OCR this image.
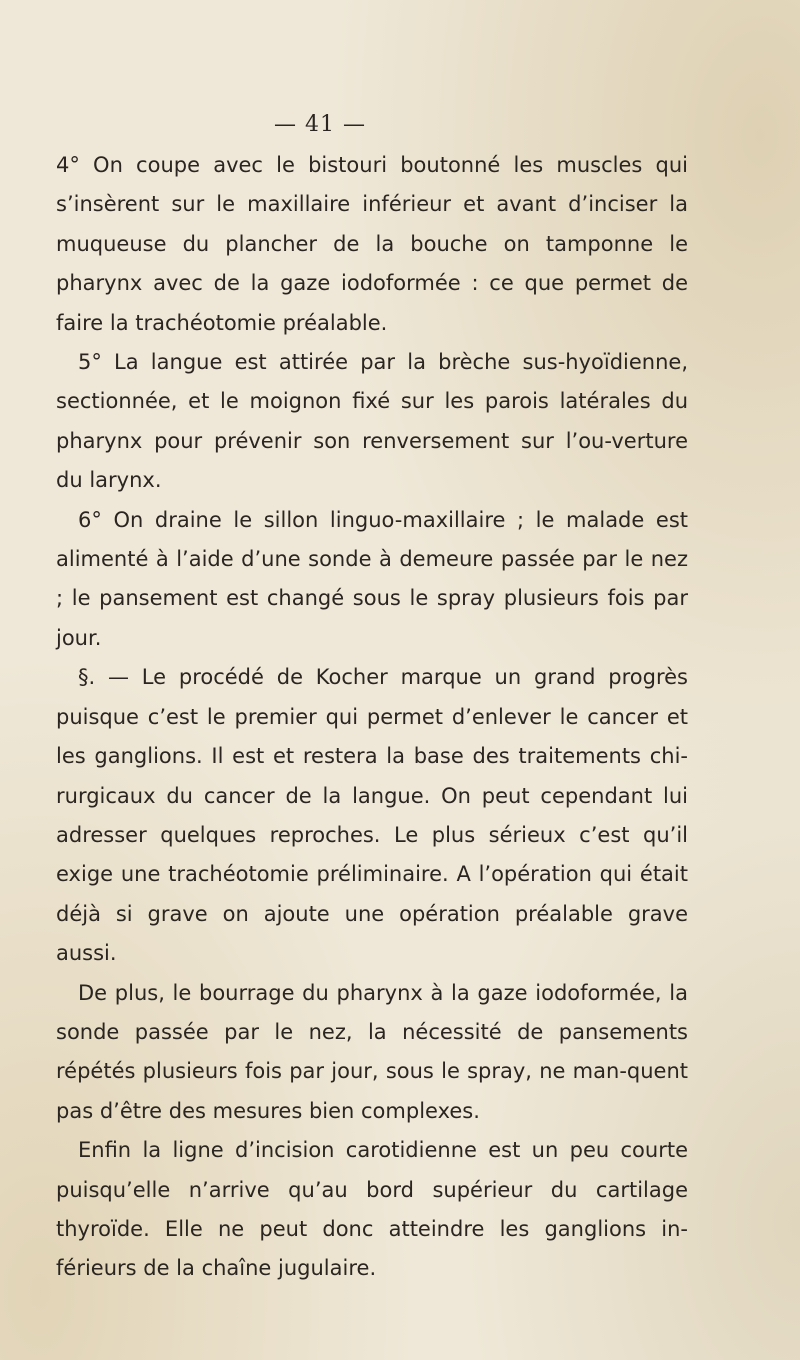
— 41 —

4° On coupe avec le bistouri boutonné les muscles qui s’insèrent sur le maxillaire inférieur et avant d’inciser la muqueuse du plancher de la bouche on tamponne le pharynx avec de la gaze iodoformée : ce que permet de faire la trachéotomie préalable.

5° La langue est attirée par la brèche sus-hyoïdienne, sectionnée, et le moignon fixé sur les parois latérales du pharynx pour prévenir son renversement sur l’ou-verture du larynx.

6° On draine le sillon linguo-maxillaire ; le malade est alimenté à l’aide d’une sonde à demeure passée par le nez ; le pansement est changé sous le spray plusieurs fois par jour.

§. — Le procédé de Kocher marque un grand progrès puisque c’est le premier qui permet d’enlever le cancer et les ganglions. Il est et restera la base des traitements chi-rurgicaux du cancer de la langue. On peut cependant lui adresser quelques reproches. Le plus sérieux c’est qu’il exige une trachéotomie préliminaire. A l’opération qui était déjà si grave on ajoute une opération préalable grave aussi.

De plus, le bourrage du pharynx à la gaze iodoformée, la sonde passée par le nez, la nécessité de pansements répétés plusieurs fois par jour, sous le spray, ne man-quent pas d’être des mesures bien complexes.

Enfin la ligne d’incision carotidienne est un peu courte puisqu’elle n’arrive qu’au bord supérieur du cartilage thyroïde. Elle ne peut donc atteindre les ganglions in-férieurs de la chaîne jugulaire.
